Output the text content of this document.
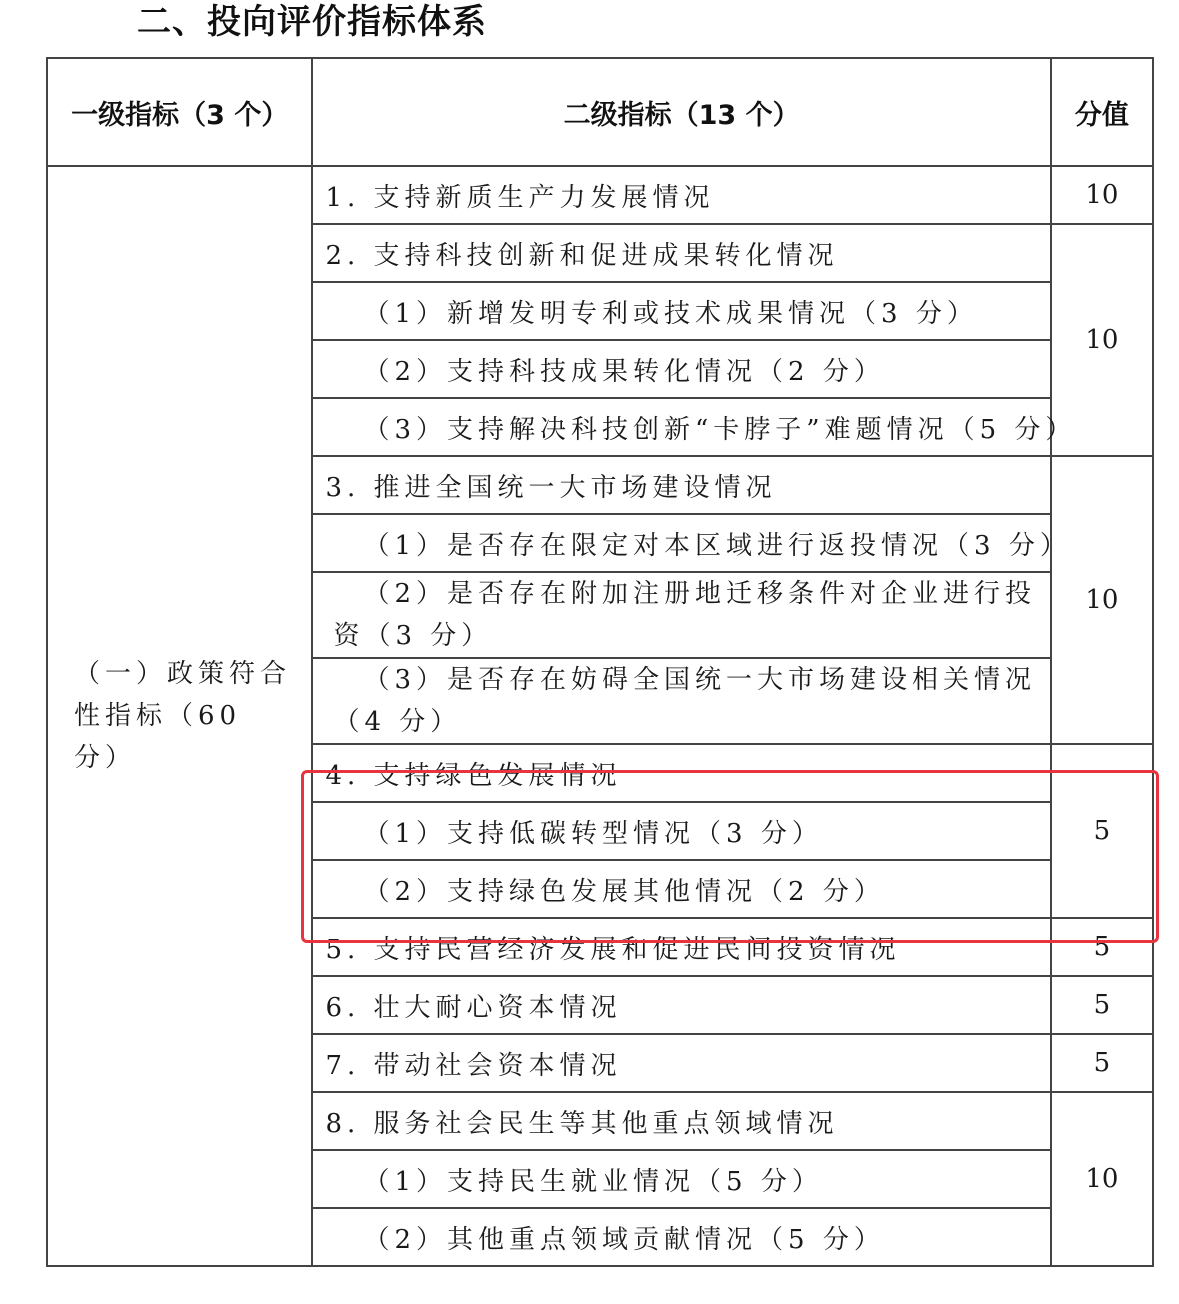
二、投向评价指标体系
一级指标（3 个）	二级指标（13 个）	分值
（一）政策符合性指标（60 分）	1. 支持新质生产力发展情况	10
	2. 支持科技创新和促进成果转化情况	10
	（1）新增发明专利或技术成果情况（3 分）	
	（2）支持科技成果转化情况（2 分）	
	（3）支持解决科技创新“卡脖子”难题情况（5 分）	
	3. 推进全国统一大市场建设情况	10
	（1）是否存在限定对本区域进行返投情况（3 分）	
	（2）是否存在附加注册地迁移条件对企业进行投资（3 分）	
	（3）是否存在妨碍全国统一大市场建设相关情况（4 分）	
	4. 支持绿色发展情况	5
	（1）支持低碳转型情况（3 分）	
	（2）支持绿色发展其他情况（2 分）	
	5. 支持民营经济发展和促进民间投资情况	5
	6. 壮大耐心资本情况	5
	7. 带动社会资本情况	5
	8. 服务社会民生等其他重点领域情况	10
	（1）支持民生就业情况（5 分）	
	（2）其他重点领域贡献情况（5 分）	
